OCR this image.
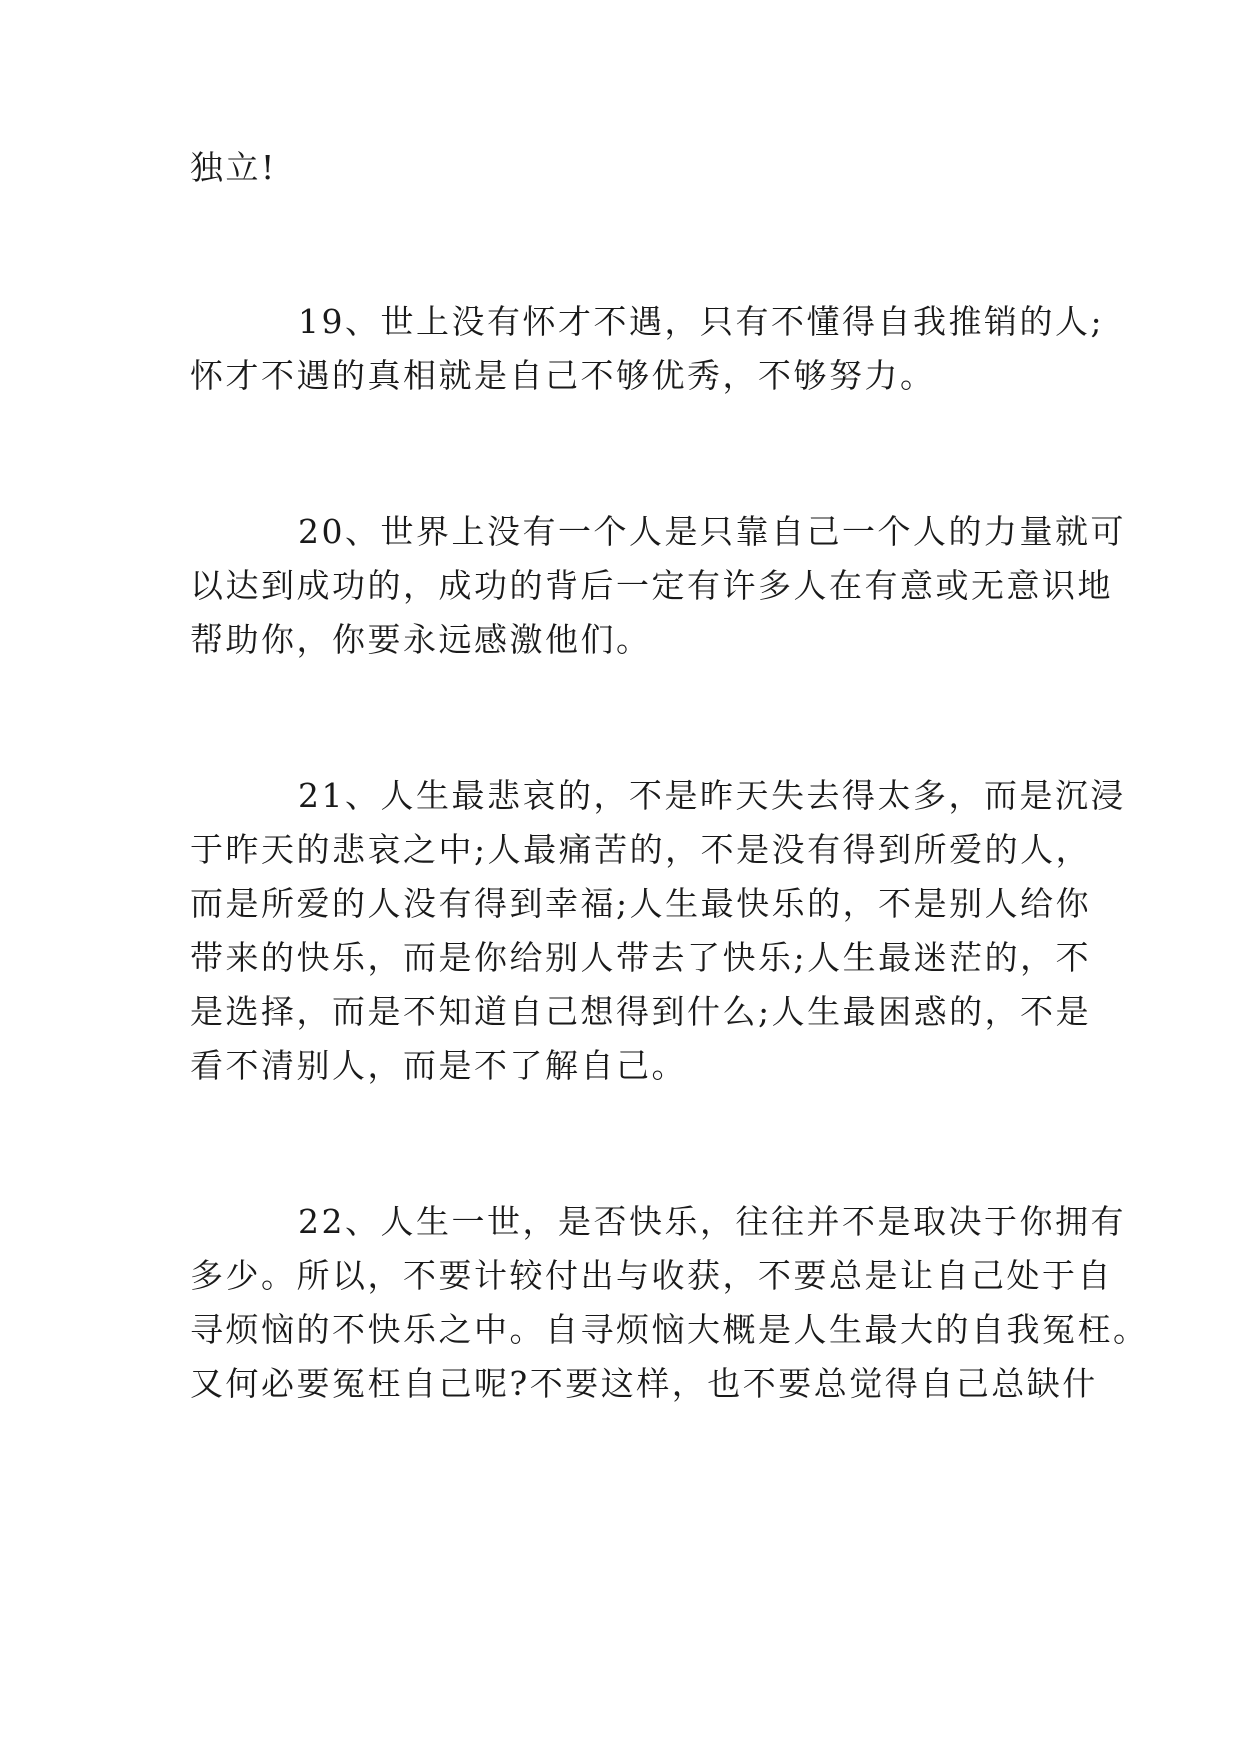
独立!
19、世上没有怀才不遇，只有不懂得自我推销的人;
怀才不遇的真相就是自己不够优秀，不够努力。
20、世界上没有一个人是只靠自己一个人的力量就可
以达到成功的，成功的背后一定有许多人在有意或无意识地
帮助你，你要永远感激他们。
21、人生最悲哀的，不是昨天失去得太多，而是沉浸
于昨天的悲哀之中;人最痛苦的，不是没有得到所爱的人，
而是所爱的人没有得到幸福;人生最快乐的，不是别人给你
带来的快乐，而是你给别人带去了快乐;人生最迷茫的，不
是选择，而是不知道自己想得到什么;人生最困惑的，不是
看不清别人，而是不了解自己。
22、人生一世，是否快乐，往往并不是取决于你拥有
多少。所以，不要计较付出与收获，不要总是让自己处于自
寻烦恼的不快乐之中。自寻烦恼大概是人生最大的自我冤枉。
又何必要冤枉自己呢?不要这样，也不要总觉得自己总缺什
